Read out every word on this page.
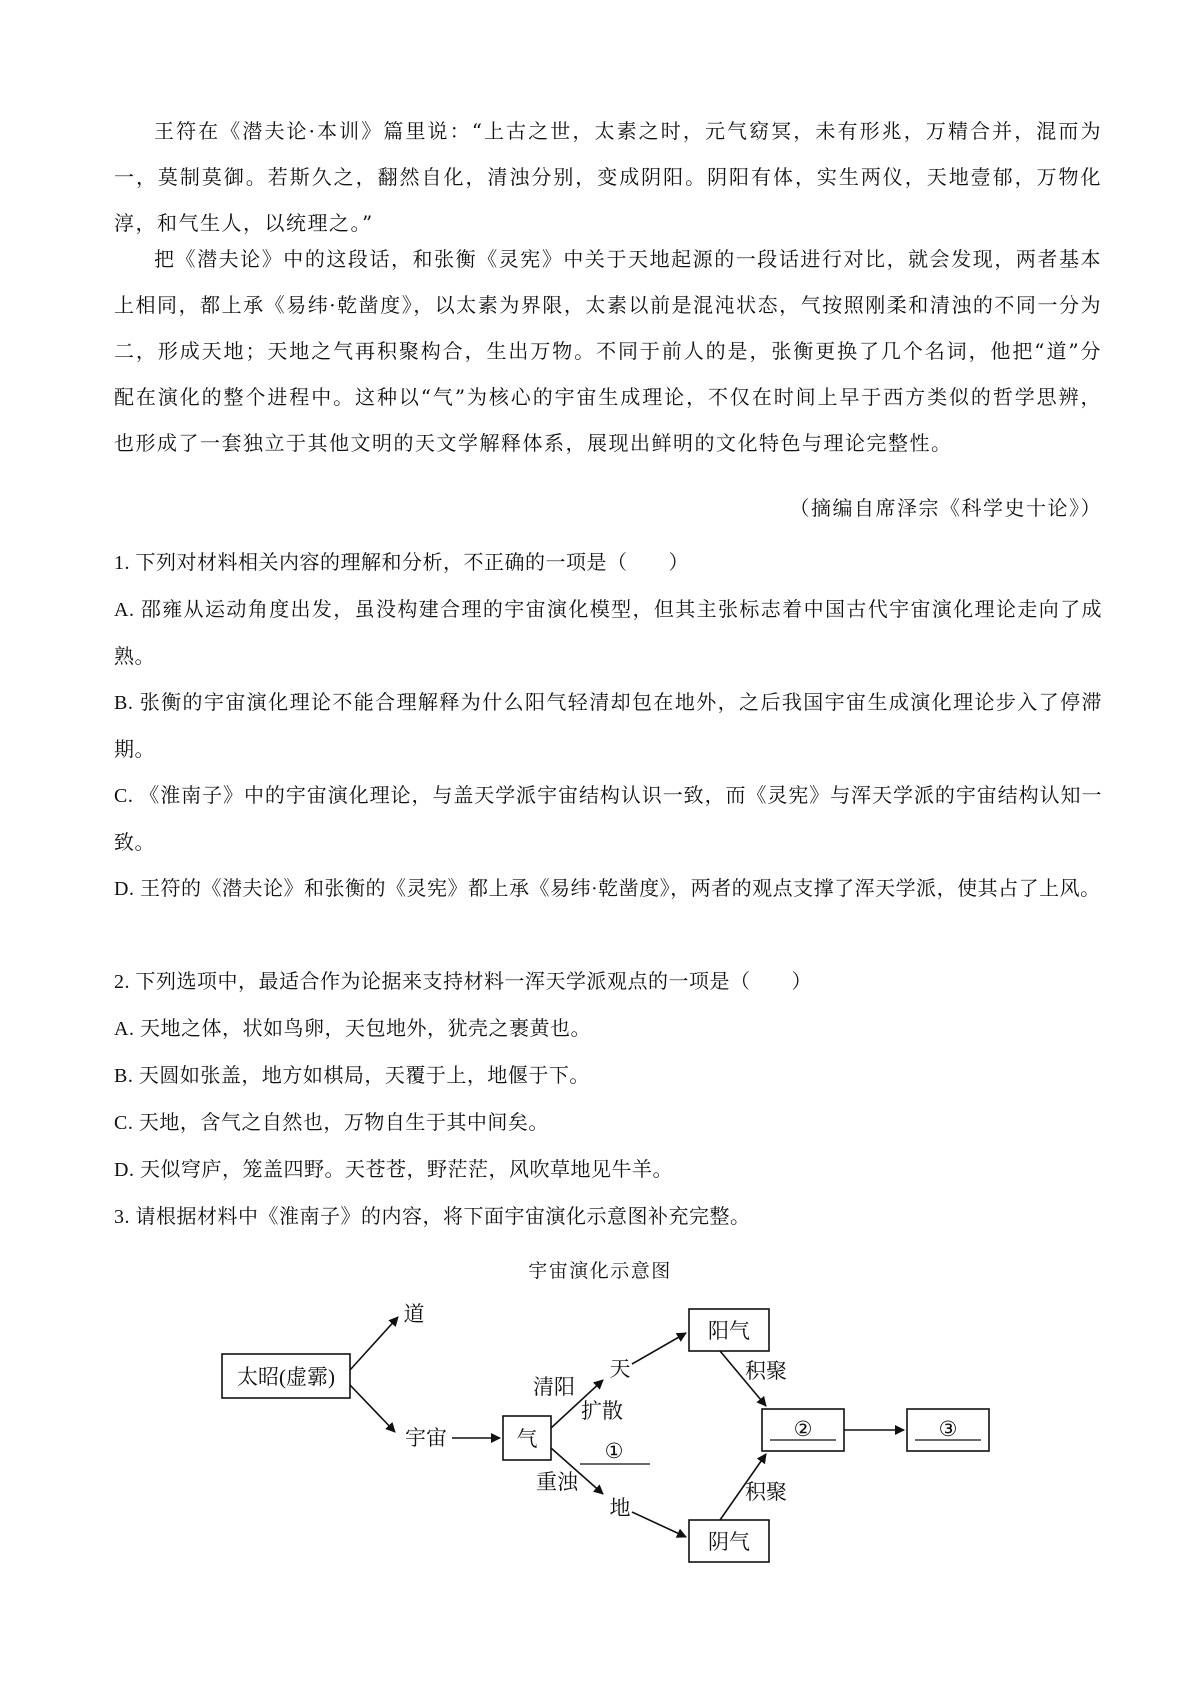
王符在《潜夫论·本训》篇里说：“上古之世，太素之时，元气窈冥，未有形兆，万精合并，混而为一，莫制莫御。若斯久之，翻然自化，清浊分别，变成阴阳。阴阳有体，实生两仪，天地壹郁，万物化淳，和气生人，以统理之。”

把《潜夫论》中的这段话，和张衡《灵宪》中关于天地起源的一段话进行对比，就会发现，两者基本上相同，都上承《易纬·乾凿度》，以太素为界限，太素以前是混沌状态，气按照刚柔和清浊的不同一分为二，形成天地；天地之气再积聚构合，生出万物。不同于前人的是，张衡更换了几个名词，他把“道”分配在演化的整个进程中。这种以“气”为核心的宇宙生成理论，不仅在时间上早于西方类似的哲学思辨，也形成了一套独立于其他文明的天文学解释体系，展现出鲜明的文化特色与理论完整性。

（摘编自席泽宗《科学史十论》）

1. 下列对材料相关内容的理解和分析，不正确的一项是（　　）

A. 邵雍从运动角度出发，虽没构建合理的宇宙演化模型，但其主张标志着中国古代宇宙演化理论走向了成熟。

B. 张衡的宇宙演化理论不能合理解释为什么阳气轻清却包在地外，之后我国宇宙生成演化理论步入了停滞期。

C. 《淮南子》中的宇宙演化理论，与盖天学派宇宙结构认识一致，而《灵宪》与浑天学派的宇宙结构认知一致。

D. 王符的《潜夫论》和张衡的《灵宪》都上承《易纬·乾凿度》，两者的观点支撑了浑天学派，使其占了上风。

2. 下列选项中，最适合作为论据来支持材料一浑天学派观点的一项是（　　）

A. 天地之体，状如鸟卵，天包地外，犹壳之裹黄也。

B. 天圆如张盖，地方如棋局，天覆于上，地偃于下。

C. 天地，含气之自然也，万物自生于其中间矣。

D. 天似穹庐，笼盖四野。天苍苍，野茫茫，风吹草地见牛羊。

3. 请根据材料中《淮南子》的内容，将下面宇宙演化示意图补充完整。

宇宙演化示意图

太昭(虚霩)
道
宇宙	气
清阳
扩散
①
重浊
天
地
阳气
阴气
积聚
积聚
②	③
